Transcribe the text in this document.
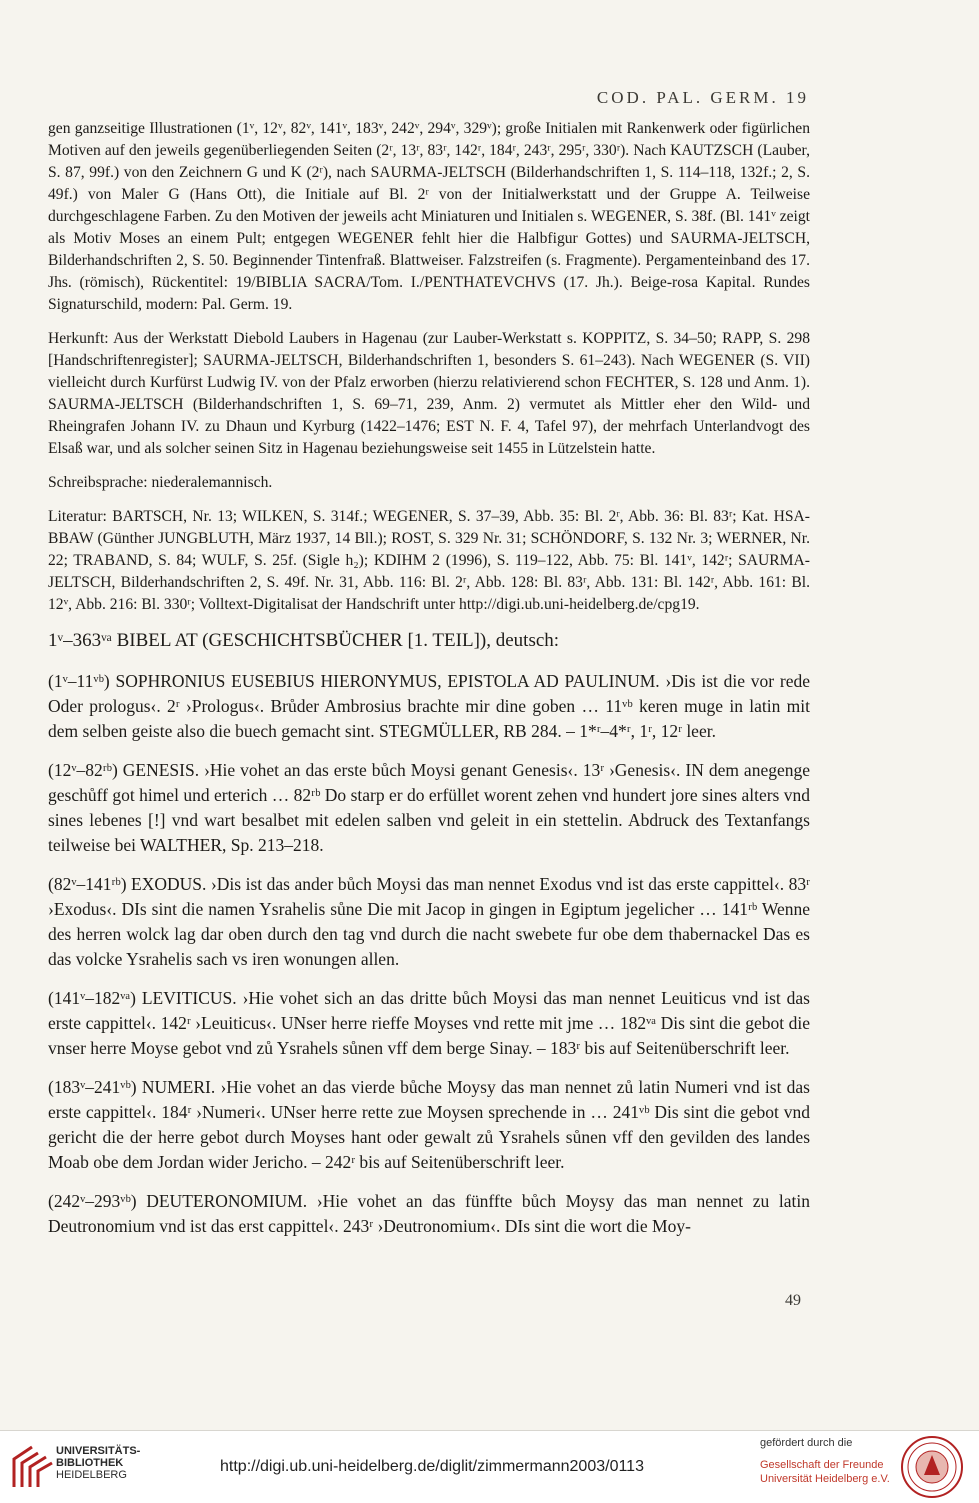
COD. PAL. GERM. 19

gen ganzseitige Illustrationen (1ᵛ, 12ᵛ, 82ᵛ, 141ᵛ, 183ᵛ, 242ᵛ, 294ᵛ, 329ᵛ); große Initialen mit Rankenwerk oder figürlichen Motiven auf den jeweils gegenüberliegenden Seiten (2ʳ, 13ʳ, 83ʳ, 142ʳ, 184ʳ, 243ʳ, 295ʳ, 330ʳ). Nach KAUTZSCH (Lauber, S. 87, 99f.) von den Zeichnern G und K (2ʳ), nach SAURMA-JELTSCH (Bilderhandschriften 1, S. 114–118, 132f.; 2, S. 49f.) von Maler G (Hans Ott), die Initiale auf Bl. 2ʳ von der Initialwerkstatt und der Gruppe A. Teilweise durchgeschlagene Farben. Zu den Motiven der jeweils acht Miniaturen und Initialen s. WEGENER, S. 38f. (Bl. 141ᵛ zeigt als Motiv Moses an einem Pult; entgegen WEGENER fehlt hier die Halbfigur Gottes) und SAURMA-JELTSCH, Bilderhandschriften 2, S. 50. Beginnender Tintenfraß. Blattweiser. Falzstreifen (s. Fragmente). Pergamenteinband des 17. Jhs. (römisch), Rückentitel: 19/BIBLIA SACRA/Tom. I./PENTHATEVCHVS (17. Jh.). Beige-rosa Kapital. Rundes Signaturschild, modern: Pal. Germ. 19.

Herkunft: Aus der Werkstatt Diebold Laubers in Hagenau (zur Lauber-Werkstatt s. KOPPITZ, S. 34–50; RAPP, S. 298 [Handschriftenregister]; SAURMA-JELTSCH, Bilderhandschriften 1, besonders S. 61–243). Nach WEGENER (S. VII) vielleicht durch Kurfürst Ludwig IV. von der Pfalz erworben (hierzu relativierend schon FECHTER, S. 128 und Anm. 1). SAURMA-JELTSCH (Bilderhandschriften 1, S. 69–71, 239, Anm. 2) vermutet als Mittler eher den Wild- und Rheingrafen Johann IV. zu Dhaun und Kyrburg (1422–1476; EST N. F. 4, Tafel 97), der mehrfach Unterlandvogt des Elsaß war, und als solcher seinen Sitz in Hagenau beziehungsweise seit 1455 in Lützelstein hatte.

Schreibsprache: niederalemannisch.

Literatur: BARTSCH, Nr. 13; WILKEN, S. 314f.; WEGENER, S. 37–39, Abb. 35: Bl. 2ʳ, Abb. 36: Bl. 83ʳ; Kat. HSA-BBAW (Günther JUNGBLUTH, März 1937, 14 Bll.); ROST, S. 329 Nr. 31; SCHÖNDORF, S. 132 Nr. 3; WERNER, Nr. 22; TRABAND, S. 84; WULF, S. 25f. (Sigle h₂); KDIHM 2 (1996), S. 119–122, Abb. 75: Bl. 141ᵛ, 142ʳ; SAURMA-JELTSCH, Bilderhandschriften 2, S. 49f. Nr. 31, Abb. 116: Bl. 2ʳ, Abb. 128: Bl. 83ʳ, Abb. 131: Bl. 142ʳ, Abb. 161: Bl. 12ᵛ, Abb. 216: Bl. 330ʳ; Volltext-Digitalisat der Handschrift unter http://digi.ub.uni-heidelberg.de/cpg19.

1ᵛ–363ᵛᵃ BIBEL AT (GESCHICHTSBÜCHER [1. TEIL]), deutsch:

(1ᵛ–11ᵛᵇ) SOPHRONIUS EUSEBIUS HIERONYMUS, EPISTOLA AD PAULINUM. ›Dis ist die vor rede Oder prologus‹. 2ʳ ›Prologus‹. Brůder Ambrosius brachte mir dine goben … 11ᵛᵇ keren muge in latin mit dem selben geiste also die buech gemacht sint. STEGMÜLLER, RB 284. – 1*ʳ–4*ʳ, 1ʳ, 12ʳ leer.

(12ᵛ–82ʳᵇ) GENESIS. ›Hie vohet an das erste bůch Moysi genant Genesis‹. 13ʳ ›Genesis‹. IN dem anegenge geschůff got himel und erterich … 82ʳᵇ Do starp er do erfüllet worent zehen vnd hundert jore sines alters vnd sines lebenes [!] vnd wart besalbet mit edelen salben vnd geleit in ein stettelin. Abdruck des Textanfangs teilweise bei WALTHER, Sp. 213–218.

(82ᵛ–141ʳᵇ) EXODUS. ›Dis ist das ander bůch Moysi das man nennet Exodus vnd ist das erste cappittel‹. 83ʳ ›Exodus‹. DIs sint die namen Ysrahelis sůne Die mit Jacop in gingen in Egiptum jegelicher … 141ʳᵇ Wenne des herren wolck lag dar oben durch den tag vnd durch die nacht swebete fur obe dem thabernackel Das es das volcke Ysrahelis sach vs iren wonungen allen.

(141ᵛ–182ᵛᵃ) LEVITICUS. ›Hie vohet sich an das dritte bůch Moysi das man nennet Leuiticus vnd ist das erste cappittel‹. 142ʳ ›Leuiticus‹. UNser herre rieffe Moyses vnd rette mit jme … 182ᵛᵃ Dis sint die gebot die vnser herre Moyse gebot vnd zů Ysrahels sůnen vff dem berge Sinay. – 183ʳ bis auf Seitenüberschrift leer.

(183ᵛ–241ᵛᵇ) NUMERI. ›Hie vohet an das vierde bůche Moysy das man nennet zů latin Numeri vnd ist das erste cappittel‹. 184ʳ ›Numeri‹. UNser herre rette zue Moysen sprechende in … 241ᵛᵇ Dis sint die gebot vnd gericht die der herre gebot durch Moyses hant oder gewalt zů Ysrahels sůnen vff den gevilden des landes Moab obe dem Jordan wider Jericho. – 242ʳ bis auf Seitenüberschrift leer.

(242ᵛ–293ᵛᵇ) DEUTERONOMIUM. ›Hie vohet an das fünffte bůch Moysy das man nennet zu latin Deutronomium vnd ist das erst cappittel‹. 243ʳ ›Deutronomium‹. DIs sint die wort die Moy-

49
UNIVERSITÄTS-
BIBLIOTHEK
HEIDELBERG	http://digi.ub.uni-heidelberg.de/diglit/zimmermann2003/0113
gefördert durch die
Gesellschaft der Freunde
Universität Heidelberg e.V.
